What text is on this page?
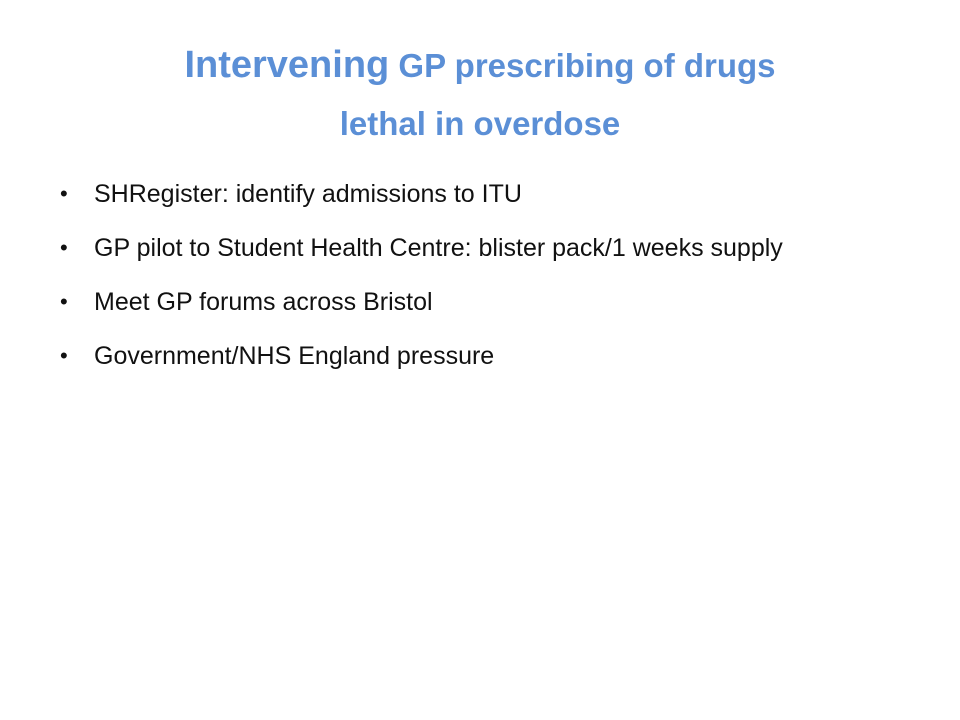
Intervening GP prescribing of drugs
lethal in overdose
• SHRegister: identify admissions to ITU
• GP pilot to Student Health Centre: blister pack/1 weeks supply
• Meet GP forums across Bristol
• Government/NHS England pressure
